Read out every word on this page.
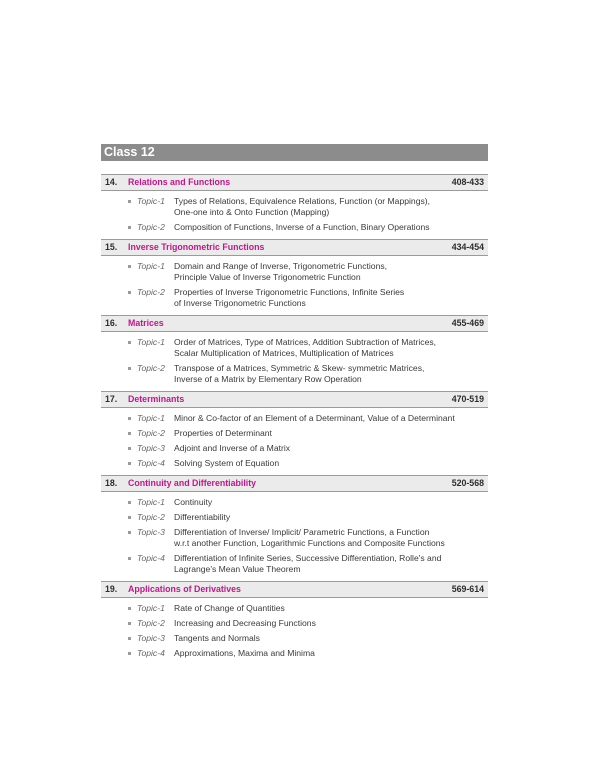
Class 12
14. Relations and Functions	408-433
Topic-1 Types of Relations, Equivalence Relations, Function (or Mappings),
One-one into & Onto Function (Mapping)
Topic-2 Composition of Functions, Inverse of a Function, Binary Operations
15. Inverse Trigonometric Functions	434-454
Topic-1 Domain and Range of Inverse, Trigonometric Functions,
Principle Value of Inverse Trigonometric Function
Topic-2 Properties of Inverse Trigonometric Functions, Infinite Series
of Inverse Trigonometric Functions
16. Matrices	455-469
Topic-1 Order of Matrices, Type of Matrices, Addition Subtraction of Matrices,
Scalar Multiplication of Matrices, Multiplication of Matrices
Topic-2 Transpose of a Matrices, Symmetric & Skew- symmetric Matrices,
Inverse of a Matrix by Elementary Row Operation
17. Determinants	470-519
Topic-1 Minor & Co-factor of an Element of a Determinant, Value of a Determinant
Topic-2 Properties of Determinant
Topic-3 Adjoint and Inverse of a Matrix
Topic-4 Solving System of Equation
18. Continuity and Differentiability	520-568
Topic-1 Continuity
Topic-2 Differentiability
Topic-3 Differentiation of Inverse/ Implicit/ Parametric Functions, a Function
w.r.t another Function, Logarithmic Functions and Composite Functions
Topic-4 Differentiation of Infinite Series, Successive Differentiation, Rolle's and
Lagrange's Mean Value Theorem
19. Applications of Derivatives	569-614
Topic-1 Rate of Change of Quantities
Topic-2 Increasing and Decreasing Functions
Topic-3 Tangents and Normals
Topic-4 Approximations, Maxima and Minima
